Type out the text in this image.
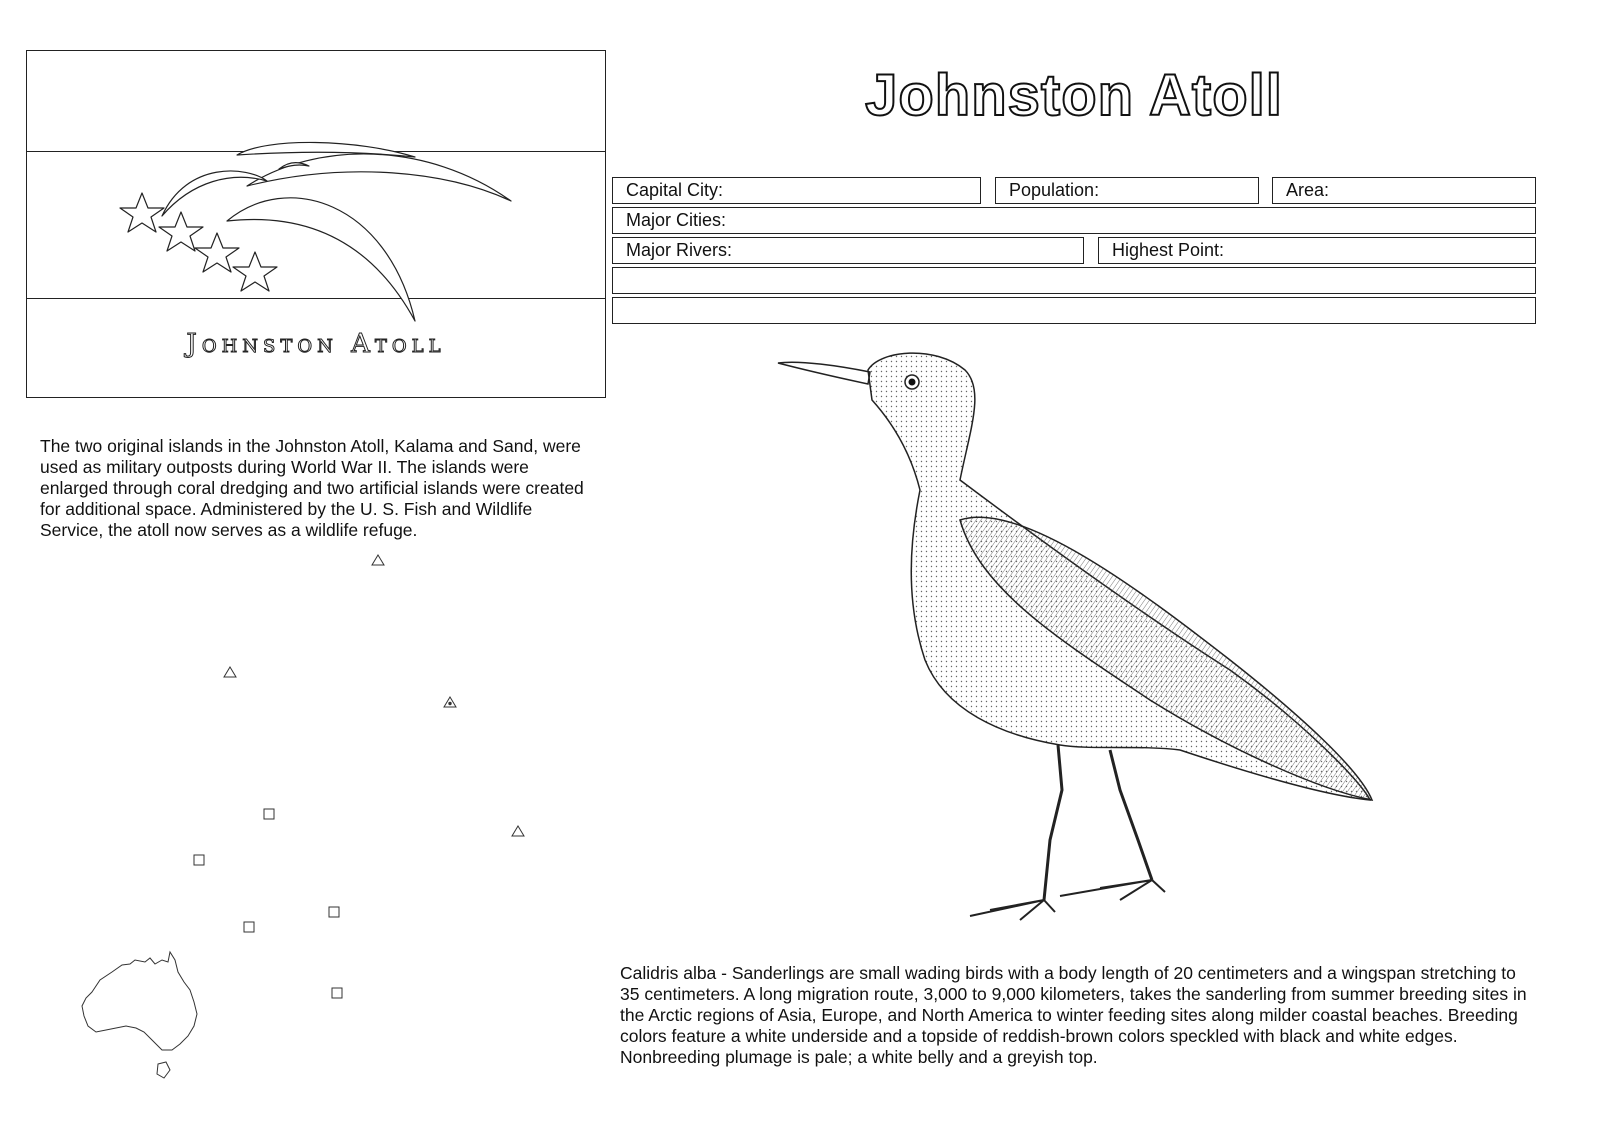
Johnston Atoll
Johnston Atoll
Capital City:	Population:	Area:
Major Cities:
Major Rivers:	Highest Point:
The two original islands in the Johnston Atoll, Kalama and Sand, were used as military outposts during World War II. The islands were enlarged through coral dredging and two artificial islands were created for additional space. Administered by the U. S. Fish and Wildlife Service, the atoll now serves as a wildlife refuge.
Calidris alba - Sanderlings are small wading birds with a body length of 20 centimeters and a wingspan stretching to 35 centimeters. A long migration route, 3,000 to 9,000 kilometers, takes the sanderling from summer breeding sites in the Arctic regions of Asia, Europe, and North America to winter feeding sites along milder coastal beaches. Breeding colors feature a white underside and a topside of reddish-brown colors speckled with black and white edges. Nonbreeding plumage is pale; a white belly and a greyish top.
